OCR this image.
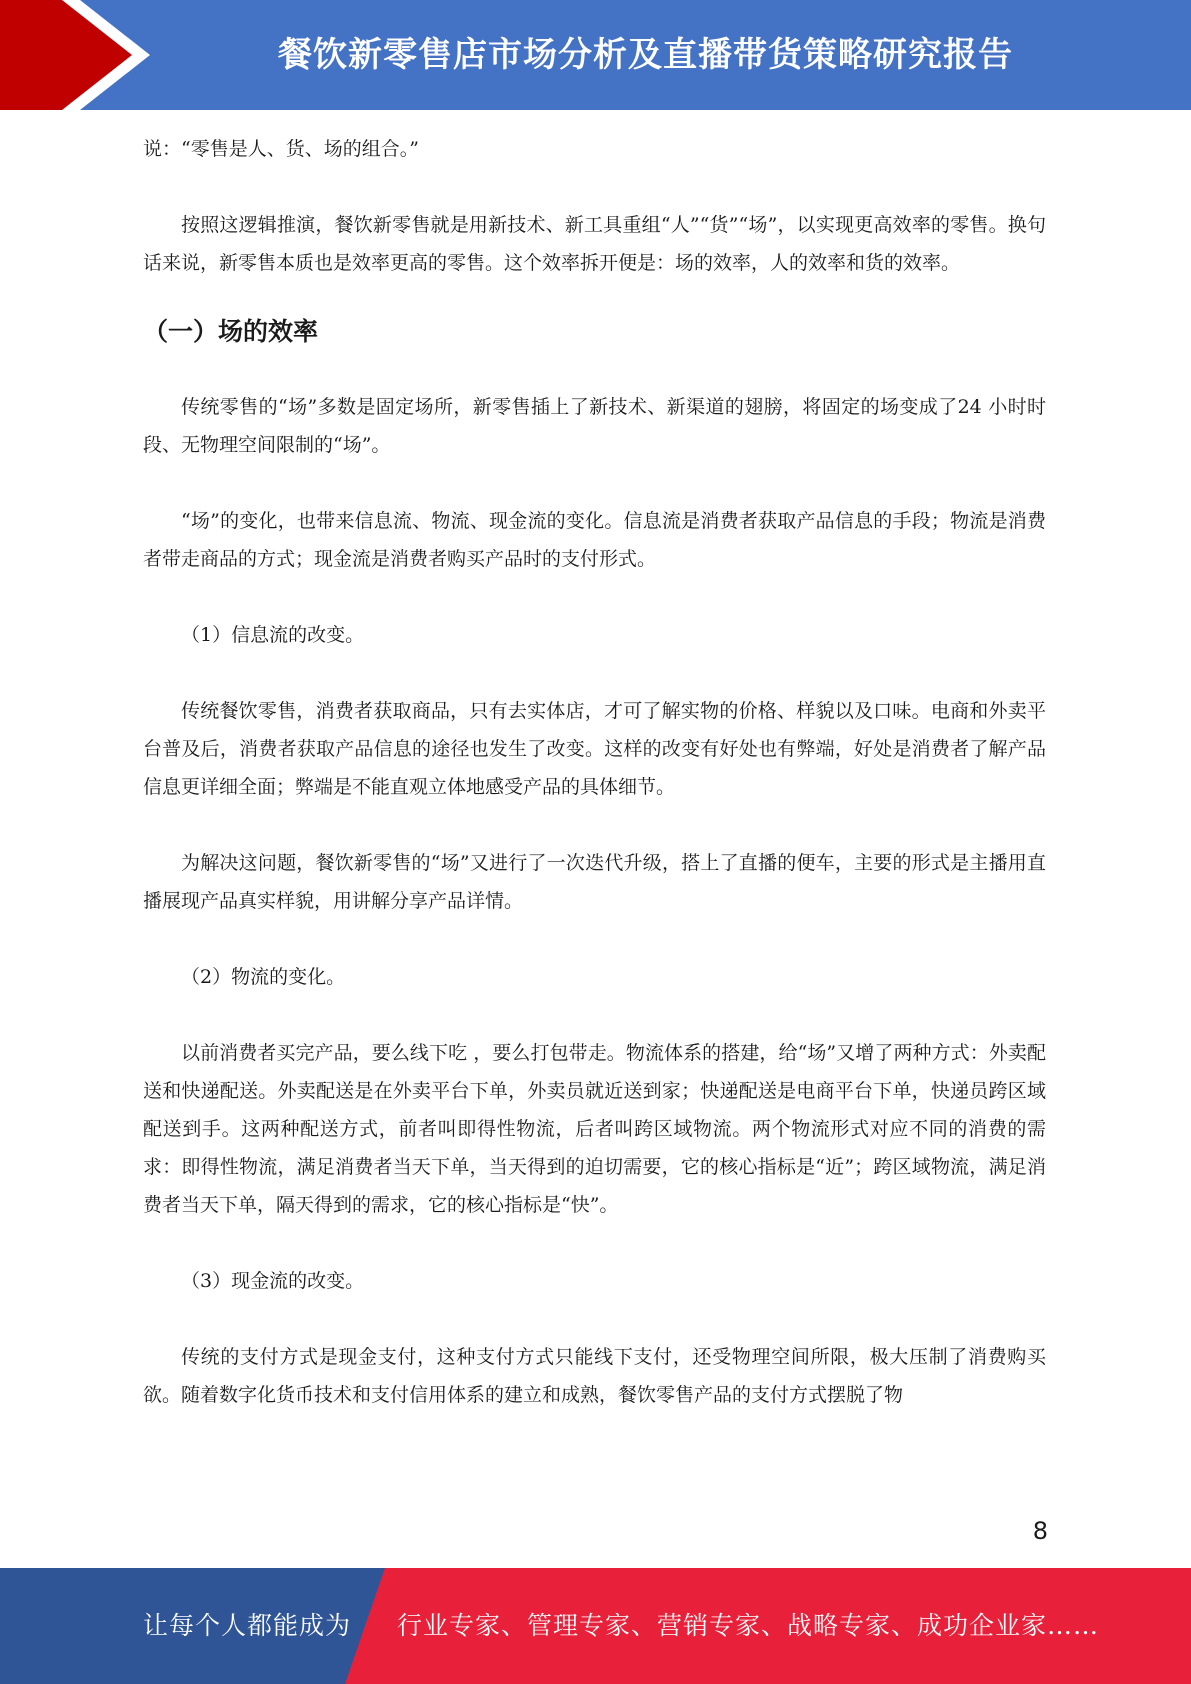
餐饮新零售店市场分析及直播带货策略研究报告

说：“零售是人、货、场的组合。”

按照这逻辑推演，餐饮新零售就是用新技术、新工具重组“人”“货”“场”，以实现更高效率的零售。换句话来说，新零售本质也是效率更高的零售。这个效率拆开便是：场的效率，人的效率和货的效率。

（一）场的效率

传统零售的“场”多数是固定场所，新零售插上了新技术、新渠道的翅膀，将固定的场变成了24 小时时段、无物理空间限制的“场”。

“场”的变化，也带来信息流、物流、现金流的变化。信息流是消费者获取产品信息的手段；物流是消费者带走商品的方式；现金流是消费者购买产品时的支付形式。

（1）信息流的改变。

传统餐饮零售，消费者获取商品，只有去实体店，才可了解实物的价格、样貌以及口味。电商和外卖平台普及后，消费者获取产品信息的途径也发生了改变。这样的改变有好处也有弊端，好处是消费者了解产品信息更详细全面；弊端是不能直观立体地感受产品的具体细节。

为解决这问题，餐饮新零售的“场”又进行了一次迭代升级，搭上了直播的便车，主要的形式是主播用直播展现产品真实样貌，用讲解分享产品详情。

（2）物流的变化。

以前消费者买完产品，要么线下吃 ，要么打包带走。物流体系的搭建，给“场”又增了两种方式：外卖配送和快递配送。外卖配送是在外卖平台下单，外卖员就近送到家；快递配送是电商平台下单，快递员跨区域配送到手。这两种配送方式，前者叫即得性物流，后者叫跨区域物流。两个物流形式对应不同的消费的需求：即得性物流，满足消费者当天下单，当天得到的迫切需要，它的核心指标是“近”；跨区域物流，满足消费者当天下单，隔天得到的需求，它的核心指标是“快”。

（3）现金流的改变。

传统的支付方式是现金支付，这种支付方式只能线下支付，还受物理空间所限，极大压制了消费购买欲。随着数字化货币技术和支付信用体系的建立和成熟，餐饮零售产品的支付方式摆脱了物

8
让每个人都能成为 行业专家、管理专家、营销专家、战略专家、成功企业家……
